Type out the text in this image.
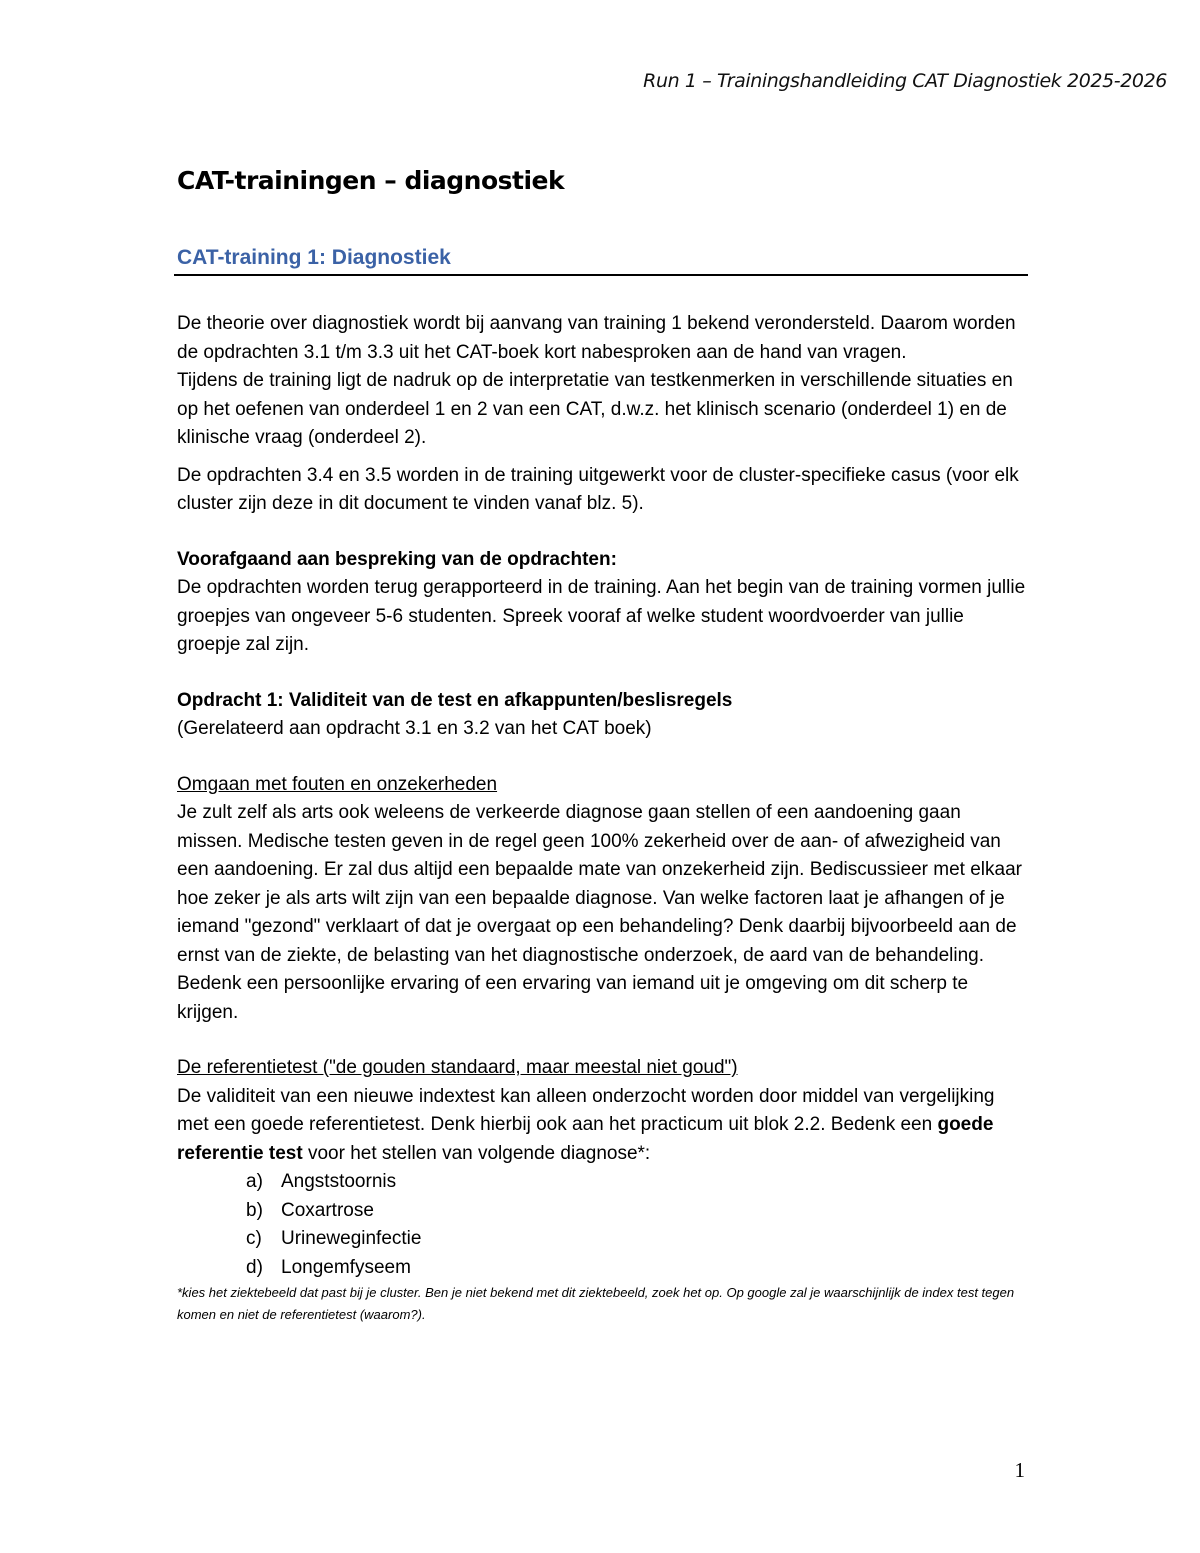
Run 1 – Trainingshandleiding CAT Diagnostiek 2025-2026
CAT-trainingen – diagnostiek
CAT-training 1: Diagnostiek

De theorie over diagnostiek wordt bij aanvang van training 1 bekend verondersteld. Daarom worden de opdrachten 3.1 t/m 3.3 uit het CAT-boek kort nabesproken aan de hand van vragen.

Tijdens de training ligt de nadruk op de interpretatie van testkenmerken in verschillende situaties en op het oefenen van onderdeel 1 en 2 van een CAT, d.w.z. het klinisch scenario (onderdeel 1) en de klinische vraag (onderdeel 2).

De opdrachten 3.4 en 3.5 worden in de training uitgewerkt voor de cluster-specifieke casus (voor elk cluster zijn deze in dit document te vinden vanaf blz. 5).

Voorafgaand aan bespreking van de opdrachten:

De opdrachten worden terug gerapporteerd in de training. Aan het begin van de training vormen jullie groepjes van ongeveer 5-6 studenten. Spreek vooraf af welke student woordvoerder van jullie groepje zal zijn.

Opdracht 1: Validiteit van de test en afkappunten/beslisregels

(Gerelateerd aan opdracht 3.1 en 3.2 van het CAT boek)

Omgaan met fouten en onzekerheden

Je zult zelf als arts ook weleens de verkeerde diagnose gaan stellen of een aandoening gaan missen. Medische testen geven in de regel geen 100% zekerheid over de aan- of afwezigheid van een aandoening. Er zal dus altijd een bepaalde mate van onzekerheid zijn. Bediscussieer met elkaar hoe zeker je als arts wilt zijn van een bepaalde diagnose. Van welke factoren laat je afhangen of je iemand "gezond" verklaart of dat je overgaat op een behandeling? Denk daarbij bijvoorbeeld aan de ernst van de ziekte, de belasting van het diagnostische onderzoek, de aard van de behandeling. Bedenk een persoonlijke ervaring of een ervaring van iemand uit je omgeving om dit scherp te krijgen.

De referentietest ("de gouden standaard, maar meestal niet goud")

De validiteit van een nieuwe indextest kan alleen onderzocht worden door middel van vergelijking met een goede referentietest. Denk hierbij ook aan het practicum uit blok 2.2. Bedenk een goede referentie test voor het stellen van volgende diagnose*:

a) Angststoornis
b) Coxartrose
c)	Urineweginfectie
d) Longemfyseem

*kies het ziektebeeld dat past bij je cluster. Ben je niet bekend met dit ziektebeeld, zoek het op. Op google zal je waarschijnlijk de index test tegen komen en niet de referentietest (waarom?).

1
